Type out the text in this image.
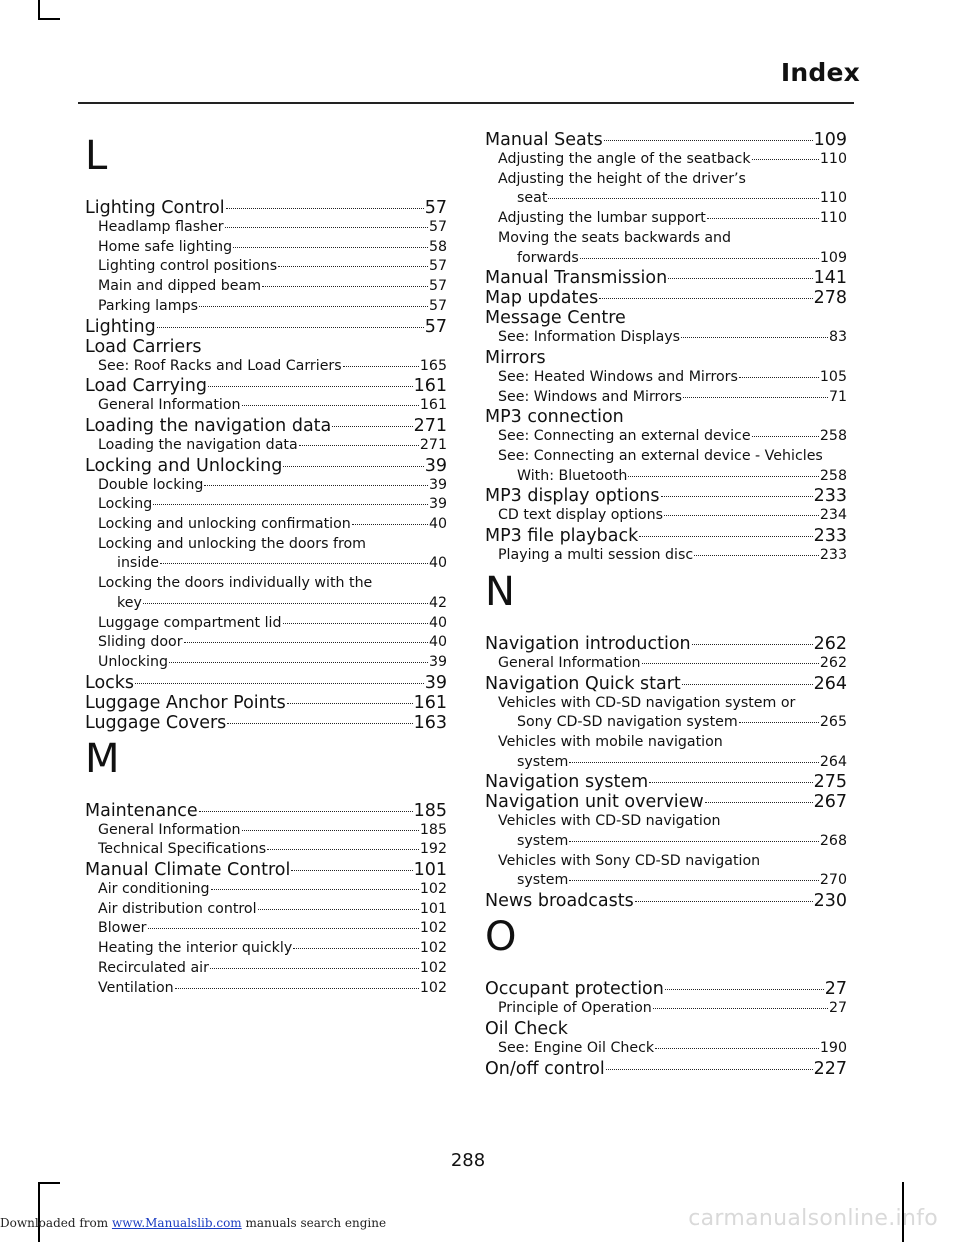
Index
L
Lighting Control	57
Headlamp flasher	57
Home safe lighting	58
Lighting control positions	57
Main and dipped beam	57
Parking lamps	57
Lighting	57
Load Carriers
See: Roof Racks and Load Carriers	165
Load Carrying	161
General Information	161
Loading the navigation data	271
Loading the navigation data	271
Locking and Unlocking	39
Double locking	39
Locking	39
Locking and unlocking confirmation	40
Locking and unlocking the doors from
inside	40
Locking the doors individually with the
key	42
Luggage compartment lid	40
Sliding door	40
Unlocking	39
Locks	39
Luggage Anchor Points	161
Luggage Covers	163
M
Maintenance	185
General Information	185
Technical Specifications	192
Manual Climate Control	101
Air conditioning	102
Air distribution control	101
Blower	102
Heating the interior quickly	102
Recirculated air	102
Ventilation	102
Manual Seats	109
Adjusting the angle of the seatback	110
Adjusting the height of the driver’s
seat	110
Adjusting the lumbar support	110
Moving the seats backwards and
forwards	109
Manual Transmission	141
Map updates	278
Message Centre
See: Information Displays	83
Mirrors
See: Heated Windows and Mirrors	105
See: Windows and Mirrors	71
MP3 connection
See: Connecting an external device	258
See: Connecting an external device - Vehicles
With: Bluetooth	258
MP3 display options	233
CD text display options	234
MP3 file playback	233
Playing a multi session disc	233
N
Navigation introduction	262
General Information	262
Navigation Quick start	264
Vehicles with CD-SD navigation system or
Sony CD-SD navigation system	265
Vehicles with mobile navigation
system	264
Navigation system	275
Navigation unit overview	267
Vehicles with CD-SD navigation
system	268
Vehicles with Sony CD-SD navigation
system	270
News broadcasts	230
O
Occupant protection	27
Principle of Operation	27
Oil Check
See: Engine Oil Check	190
On/off control	227
288
Downloaded from www.Manualslib.com manuals search engine	carmanualsonline.info
